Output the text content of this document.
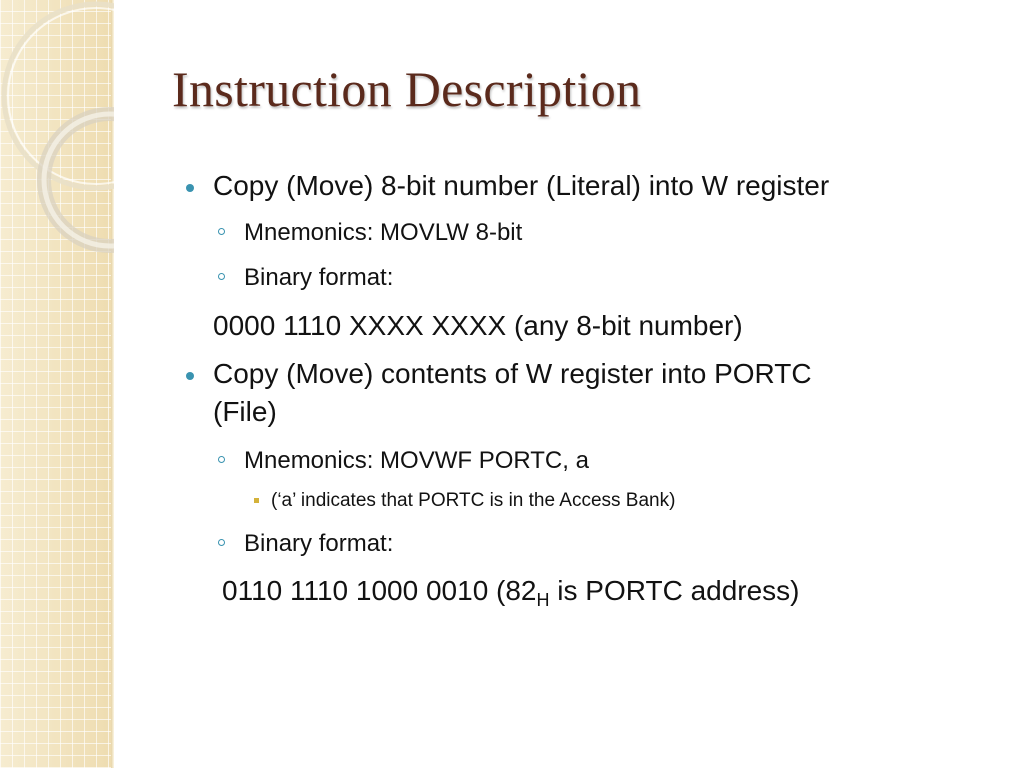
Instruction Description
Copy (Move) 8-bit number (Literal) into W register
Mnemonics: MOVLW 8-bit
Binary format:
0000 1110 XXXX XXXX (any 8-bit number)
Copy (Move) contents of W register into PORTC
(File)
Mnemonics: MOVWF PORTC, a
(‘a’ indicates that PORTC is in the Access Bank)
Binary format:
0110 1110 1000 0010 ($82_H$ is PORTC address)
